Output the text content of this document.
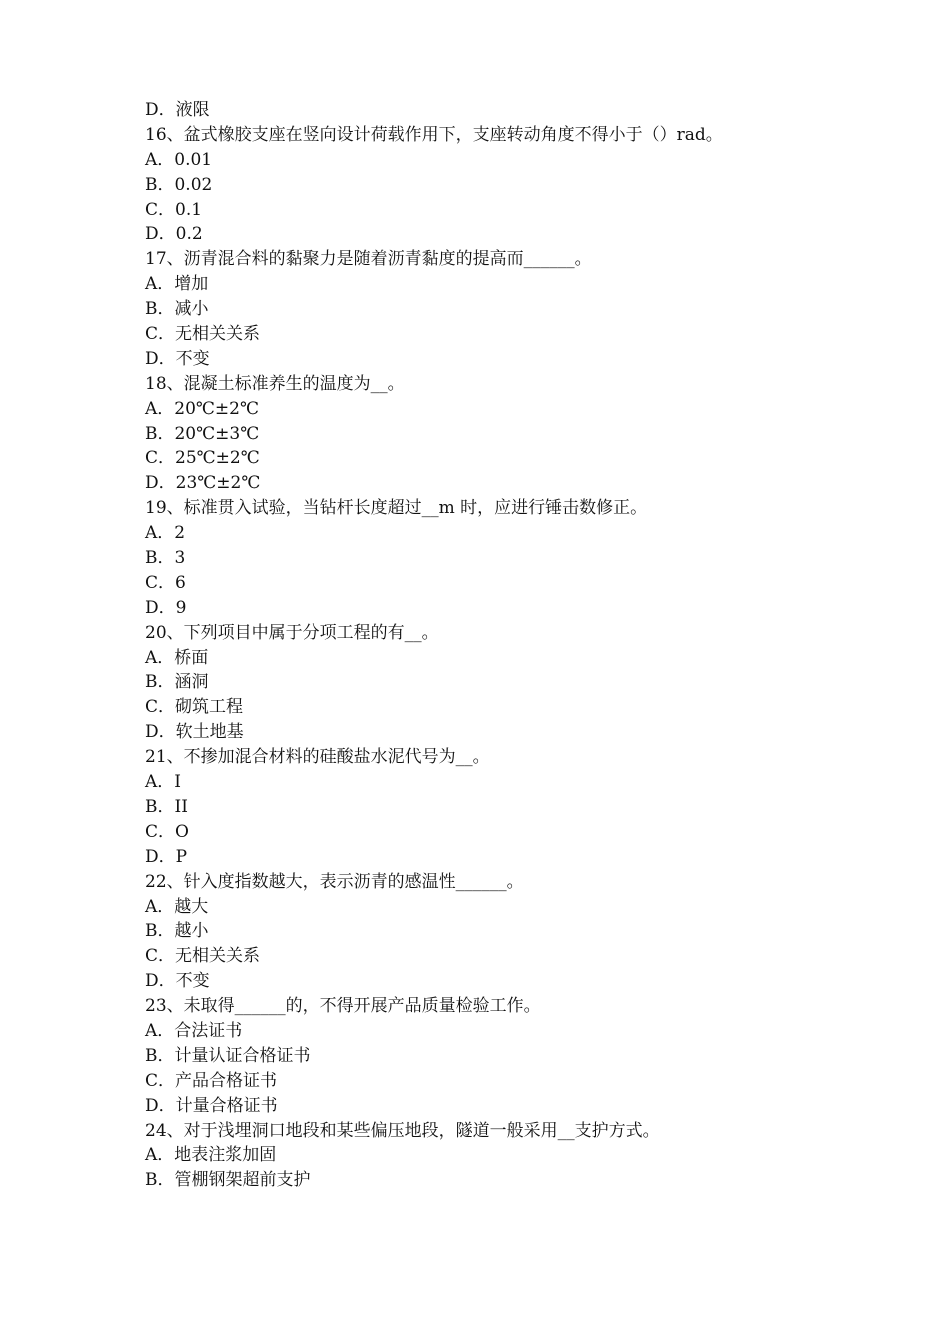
D．液限
16、盆式橡胶支座在竖向设计荷载作用下，支座转动角度不得小于（）rad。
A．0.01
B．0.02
C．0.1
D．0.2
17、沥青混合料的黏聚力是随着沥青黏度的提高而______。
A．增加
B．减小
C．无相关关系
D．不变
18、混凝土标准养生的温度为__。
A．20℃±2℃
B．20℃±3℃
C．25℃±2℃
D．23℃±2℃
19、标准贯入试验，当钻杆长度超过__m 时，应进行锤击数修正。
A．2
B．3
C．6
D．9
20、下列项目中属于分项工程的有__。
A．桥面
B．涵洞
C．砌筑工程
D．软土地基
21、不掺加混合材料的硅酸盐水泥代号为__。
A．I
B．II
C．O
D．P
22、针入度指数越大，表示沥青的感温性______。
A．越大
B．越小
C．无相关关系
D．不变
23、未取得______的，不得开展产品质量检验工作。
A．合法证书
B．计量认证合格证书
C．产品合格证书
D．计量合格证书
24、对于浅埋洞口地段和某些偏压地段，隧道一般采用__支护方式。
A．地表注浆加固
B．管棚钢架超前支护
